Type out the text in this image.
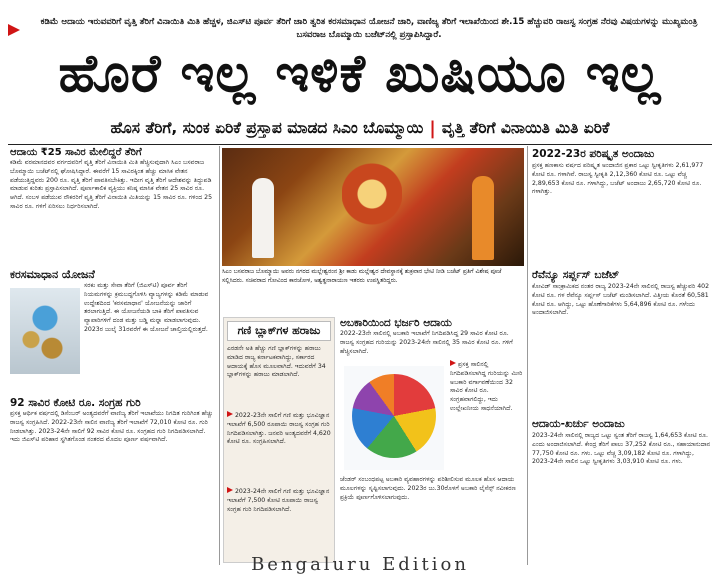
ಕಡಿಮೆ ಆದಾಯ ಇರುವವರಿಗೆ ವೃತ್ತಿ ತೆರಿಗೆ ವಿನಾಯಿತಿ ಮಿತಿ ಹೆಚ್ಚಳ, ಜಿಎಸ್‌ಟಿ ಪೂರ್ವ ತೆರಿಗೆ ಜಾರಿ ತ್ವರಿತ ಕರಸಮಾಧಾನ ಯೋಜನೆ ಜಾರಿ, ವಾಣಿಜ್ಯ ತೆರಿಗೆ ಇಲಾಖೆಯಿಂದ ಶೇ.15 ಹೆಚ್ಚುವರಿ ರಾಜಸ್ವ ಸಂಗ್ರಹ ನೆರವು ವಿಷಯಗಳನ್ನು ಮುಖ್ಯಮಂತ್ರಿ ಬಸವರಾಜ ಬೊಮ್ಮಾಯಿ ಬಜೆಟ್‌ನಲ್ಲಿ ಪ್ರಸ್ತಾಪಿಸಿದ್ದಾರೆ.
ಹೊರೆ ಇಲ್ಲ ಇಳಿಕೆ ಖುಷಿಯೂ ಇಲ್ಲ
ಹೊಸ ತೆರಿಗೆ, ಸುಂಕ ಏರಿಕೆ ಪ್ರಸ್ತಾಪ ಮಾಡದ ಸಿಎಂ ಬೊಮ್ಮಾಯಿ | ವೃತ್ತಿ ತೆರಿಗೆ ವಿನಾಯಿತಿ ಮಿತಿ ಏರಿಕೆ
ಆದಾಯ ₹25 ಸಾವಿರ ಮೇಲಿದ್ದರೆ ತೆರಿಗೆ
ಕಡಿಮೆ ವರಮಾನದವರ ವರ್ಗದವರಿಗೆ ವೃತ್ತಿ ತೆರಿಗೆ ವಿನಾಯಿತಿ ಮಿತಿ ಹೆಚ್ಚಿಸುವುದಾಗಿ ಸಿಎಂ ಬಸವರಾಜ ಬೊಮ್ಮಾಯಿ ಬಜೆಟ್‌ನಲ್ಲಿ ಘೋಷಿಸಿದ್ದಾರೆ. ಈವರೆಗೆ 15 ಸಾವಿರಕ್ಕಿಂತ ಹೆಚ್ಚು ಮಾಸಿಕ ವೇತನ ಪಡೆಯುತ್ತಿದ್ದವರು 200 ರೂ. ವೃತ್ತಿ ತೆರಿಗೆ ಪಾವತಿಸಬೇಕಿತ್ತು. ಇದೀಗ ವೃತ್ತಿ ತೆರಿಗೆ ಆದೇಶವನ್ನು ತಿದ್ದುಪಡಿ ಮಾಡುವ ಕುರಿತು ಪ್ರಸ್ತಾಪಿಸಲಾಗಿದೆ. ಪೂರ್ಣಕಾಲಿಕ ವ್ಯಕ್ತಿಯು ಕನಿಷ್ಠ ಮಾಸಿಕ ವೇತನ 25 ಸಾವಿರ ರೂ. ಆಗಿದೆ. ಸಂಬಳ ಪಡೆಯುವ ನೌಕರರಿಗೆ ವೃತ್ತಿ ತೆರಿಗೆ ವಿನಾಯಿತಿ ಮಿತಿಯನ್ನು 15 ಸಾವಿರ ರೂ. ಗಳಿಂದ 25 ಸಾವಿರ ರೂ. ಗಳಿಗೆ ಏರಿಸಲು ನಿರ್ಧರಿಸಲಾಗಿದೆ.
ಕರಸಮಾಧಾನ ಯೋಜನೆ
ಸರಕು ಮತ್ತು ಸೇವಾ ತೆರಿಗೆ (ಜಿಎಸ್‌ಟಿ) ಪೂರ್ವ ತೆರಿಗೆ ನಿಯಮಗಳನ್ನು ಕ್ರಮಬದ್ಧಗೊಳಿಸಿ ವ್ಯಾಜ್ಯಗಳನ್ನು ಕಡಿಮೆ ಮಾಡುವ ಉದ್ದೇಶದಿಂದ 'ಕರಸಮಾಧಾನ' ಯೋಜನೆಯನ್ನು ಜಾರಿಗೆ ತರಲಾಗುತ್ತಿದೆ. ಈ ಯೋಜನೆಯಡಿ ಬಾಕಿ ತೆರಿಗೆ ಪಾವತಿಸುವ ವ್ಯಾಪಾರಿಗಳಿಗೆ ದಂಡ ಮತ್ತು ಬಡ್ಡಿ ಮನ್ನಾ ಮಾಡಲಾಗುವುದು. 2023ರ ಜುಲೈ 31ರವರೆಗೆ ಈ ಯೋಜನೆ ಚಾಲ್ತಿಯಲ್ಲಿರುತ್ತದೆ.
92 ಸಾವಿರ ಕೋಟಿ ರೂ. ಸಂಗ್ರಹ ಗುರಿ
ಪ್ರಸಕ್ತ ಆರ್ಥಿಕ ವರ್ಷದಲ್ಲಿ ಡಿಸೆಂಬರ್ ಅಂತ್ಯದವರೆಗೆ ವಾಣಿಜ್ಯ ತೆರಿಗೆ ಇಲಾಖೆಯು ನಿಗದಿತ ಗುರಿಗಿಂತ ಹೆಚ್ಚು ರಾಜಸ್ವ ಸಂಗ್ರಹಿಸಿದೆ. 2022-23ನೇ ಸಾಲಿನ ವಾಣಿಜ್ಯ ತೆರಿಗೆ ಇಲಾಖೆಗೆ 72,010 ಕೋಟಿ ರೂ. ಗುರಿ ನೀಡಲಾಗಿತ್ತು. 2023-24ನೇ ಸಾಲಿಗೆ 92 ಸಾವಿರ ಕೋಟಿ ರೂ. ಸಂಗ್ರಹದ ಗುರಿ ನಿಗದಿಪಡಿಸಲಾಗಿದೆ. ಇದು ಜಿಎಸ್‌ಟಿ ಪರಿಹಾರ ಸ್ಥಗಿತಗೊಂಡ ನಂತರದ ಮೊದಲ ಪೂರ್ಣ ವರ್ಷವಾಗಿದೆ.
ಸಿಎಂ ಬಸವರಾಜ ಬೊಮ್ಮಾಯಿ ಅವರು ನಗರದ ಮಲ್ಲೇಶ್ವರಂನ ಶ್ರೀ ಕಾಡು ಮಲ್ಲೇಶ್ವರ ದೇವಸ್ಥಾನಕ್ಕೆ ಶುಕ್ರವಾರ ಭೇಟಿ ನೀಡಿ ಬಜೆಟ್ ಪ್ರತಿಗೆ ವಿಶೇಷ ಪೂಜೆ ಸಲ್ಲಿಸಿದರು. ಸಚಿವರಾದ ಗೋವಿಂದ ಕಾರಜೋಳ, ಅಶ್ವತ್ಥನಾರಾಯಣ ಇತರರು ಉಪಸ್ಥಿತರಿದ್ದರು.
ಗಣಿ ಬ್ಲಾಕ್‌ಗಳ ಹರಾಜು
ಎರಡನೇ ಅತಿ ಹೆಚ್ಚು ಗಣಿ ಬ್ಲಾಕ್‌ಗಳನ್ನು ಹರಾಜು ಮಾಡಿದ ರಾಜ್ಯ ಕರ್ನಾಟಕವಾಗಿದ್ದು, ಸರ್ಕಾರದ ಆದಾಯಕ್ಕೆ ಹೊಸ ಮೂಲವಾಗಿದೆ. ಇದುವರೆಗೆ 34 ಬ್ಲಾಕ್‌ಗಳನ್ನು ಹರಾಜು ಮಾಡಲಾಗಿದೆ.
2022-23ನೇ ಸಾಲಿಗೆ ಗಣಿ ಮತ್ತು ಭೂವಿಜ್ಞಾನ ಇಲಾಖೆಗೆ 6,500 ರೂಪಾಯಿ ರಾಜಸ್ವ ಸಂಗ್ರಹ ಗುರಿ ನಿಗದಿಪಡಿಸಲಾಗಿತ್ತು. ಜನವರಿ ಅಂತ್ಯದವರೆಗೆ 4,620 ಕೋಟಿ ರೂ. ಸಂಗ್ರಹಿಸಲಾಗಿದೆ.
2023-24ನೇ ಸಾಲಿಗೆ ಗಣಿ ಮತ್ತು ಭೂವಿಜ್ಞಾನ ಇಲಾಖೆಗೆ 7,500 ಕೋಟಿ ರೂಪಾಯಿ ರಾಜಸ್ವ ಸಂಗ್ರಹ ಗುರಿ ನಿಗದಿಪಡಿಸಲಾಗಿದೆ.
ಅಬಕಾರಿಯಿಂದ ಭರ್ಜರಿ ಆದಾಯ
2022-23ನೇ ಸಾಲಿನಲ್ಲಿ ಅಬಕಾರಿ ಇಲಾಖೆಗೆ ನಿಗದಿಪಡಿಸಿದ್ದ 29 ಸಾವಿರ ಕೋಟಿ ರೂ. ರಾಜಸ್ವ ಸಂಗ್ರಹದ ಗುರಿಯನ್ನು 2023-24ನೇ ಸಾಲಿನಲ್ಲಿ 35 ಸಾವಿರ ಕೋಟಿ ರೂ. ಗಳಿಗೆ ಹೆಚ್ಚಿಸಲಾಗಿದೆ.
ಪ್ರಸಕ್ತ ಸಾಲಿನಲ್ಲಿ ನಿಗದಿಪಡಿಸಲಾಗಿದ್ದ ಗುರಿಯನ್ನು ಮೀರಿ ಅಬಕಾರಿ ವರ್ಗಾವಣೆಯಿಂದ 32 ಸಾವಿರ ಕೋಟಿ ರೂ. ಸಂಗ್ರಹವಾಗಲಿದ್ದು, ಇದು ಉಲ್ಲೇಖನೀಯ ಸಾಧನೆಯಾಗಿದೆ.
ಜೆಂಡರ್ ಸಂಬಂಧಪಟ್ಟ ಅಬಕಾರಿ ವ್ಯವಹಾರಗಳನ್ನು ಪರಿಶೀಲಿಸುವ ಮೂಲಕ ಹೊಸ ಆದಾಯ ಮೂಲಗಳನ್ನು ಸೃಷ್ಟಿಸಲಾಗುವುದು. 2023ರ ಜು.30ರೊಳಗೆ ಅಬಕಾರಿ ಲೈಸೆನ್ಸ್ ನವೀಕರಣ ಪ್ರಕ್ರಿಯೆ ಪೂರ್ಣಗೊಳಿಸಲಾಗುವುದು.
2022-23ರ ಪರಿಷ್ಕೃತ ಅಂದಾಜು
ಪ್ರಸಕ್ತ ಹಣಕಾಸು ವರ್ಷದ ಪರಿಷ್ಕೃತ ಅಂದಾಜಿನ ಪ್ರಕಾರ ಒಟ್ಟು ಸ್ವೀಕೃತಿಗಳು 2,61,977 ಕೋಟಿ ರೂ. ಗಳಾಗಿವೆ. ರಾಜಸ್ವ ಸ್ವೀಕೃತಿ 2,12,360 ಕೋಟಿ ರೂ. ಒಟ್ಟು ವೆಚ್ಚ 2,89,653 ಕೋಟಿ ರೂ. ಗಳಾಗಿದ್ದು, ಬಜೆಟ್ ಅಂದಾಜು 2,65,720 ಕೋಟಿ ರೂ. ಗಳಾಗಿತ್ತು.
ರೆವೆನ್ಯೂ ಸರ್ಪ್ಲಸ್ ಬಜೆಟ್
ಕೋವಿಡ್ ಸಾಂಕ್ರಾಮಿಕದ ನಂತರ ರಾಜ್ಯ 2023-24ನೇ ಸಾಲಿನಲ್ಲಿ ರಾಜಸ್ವ ಹೆಚ್ಚುವರಿ 402 ಕೋಟಿ ರೂ. ಗಳ ರೆವೆನ್ಯೂ ಸರ್ಪ್ಲಸ್ ಬಜೆಟ್ ಮಂಡಿಸಲಾಗಿದೆ. ವಿತ್ತೀಯ ಕೊರತೆ 60,581 ಕೋಟಿ ರೂ. ಆಗಿದ್ದು, ಒಟ್ಟು ಹೊಣೆಗಾರಿಕೆಗಳು 5,64,896 ಕೋಟಿ ರೂ. ಗಳೆಂದು ಅಂದಾಜಿಸಲಾಗಿದೆ.
ಆದಾಯ-ಖರ್ಚು ಅಂದಾಜು
2023-24ನೇ ಸಾಲಿನಲ್ಲಿ ರಾಜ್ಯದ ಒಟ್ಟು ಸ್ವಂತ ತೆರಿಗೆ ರಾಜಸ್ವ 1,64,653 ಕೋಟಿ ರೂ. ಎಂದು ಅಂದಾಜಿಸಲಾಗಿದೆ. ಕೇಂದ್ರ ತೆರಿಗೆ ಪಾಲು 37,252 ಕೋಟಿ ರೂ., ಸಹಾಯಾನುದಾನ 77,750 ಕೋಟಿ ರೂ. ಗಳು. ಒಟ್ಟು ವೆಚ್ಚ 3,09,182 ಕೋಟಿ ರೂ. ಗಳಾಗಿದ್ದು, 2023-24ನೇ ಸಾಲಿನ ಒಟ್ಟು ಸ್ವೀಕೃತಿಗಳು 3,03,910 ಕೋಟಿ ರೂ. ಗಳು.
Bengaluru Edition
